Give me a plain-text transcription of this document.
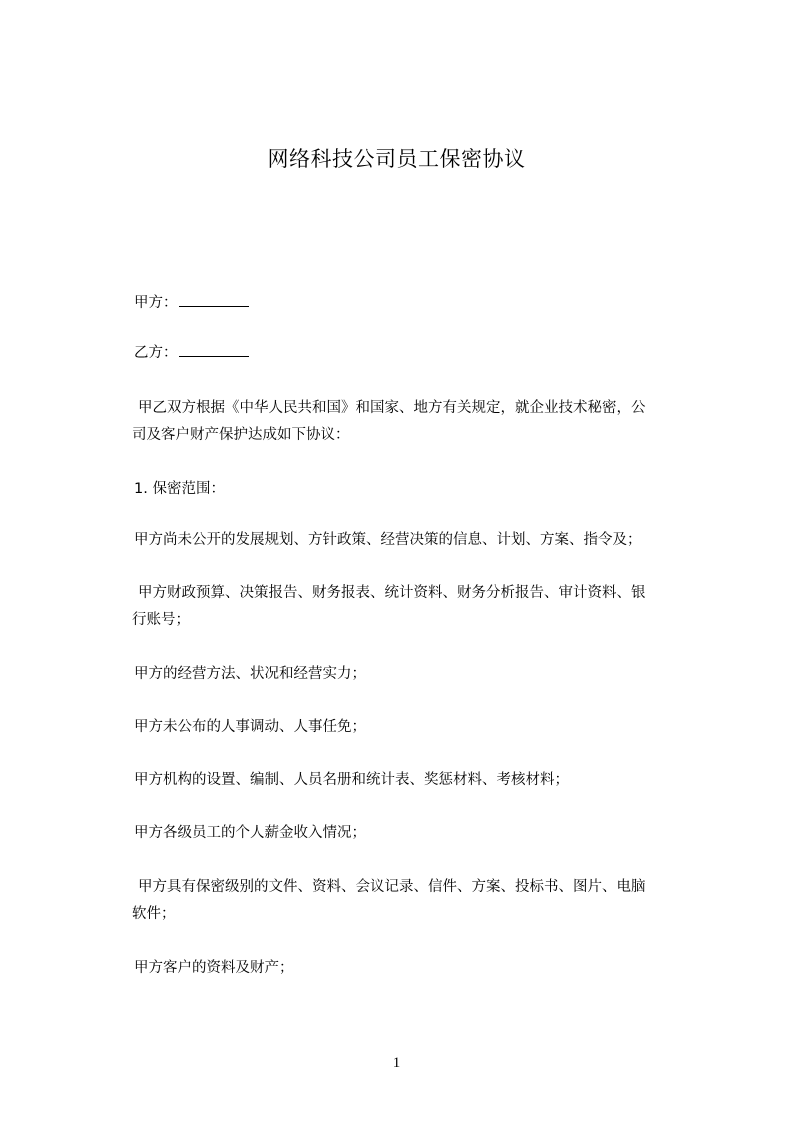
网络科技公司员工保密协议

甲方：

乙方：

甲乙双方根据《中华人民共和国》和国家、地方有关规定，就企业技术秘密，公
司及客户财产保护达成如下协议：

1. 保密范围：

甲方尚未公开的发展规划、方针政策、经营决策的信息、计划、方案、指令及；

甲方财政预算、决策报告、财务报表、统计资料、财务分析报告、审计资料、银
行账号；

甲方的经营方法、状况和经营实力；

甲方未公布的人事调动、人事任免；

甲方机构的设置、编制、人员名册和统计表、奖惩材料、考核材料；

甲方各级员工的个人薪金收入情况；

甲方具有保密级别的文件、资料、会议记录、信件、方案、投标书、图片、电脑
软件；

甲方客户的资料及财产；

1
